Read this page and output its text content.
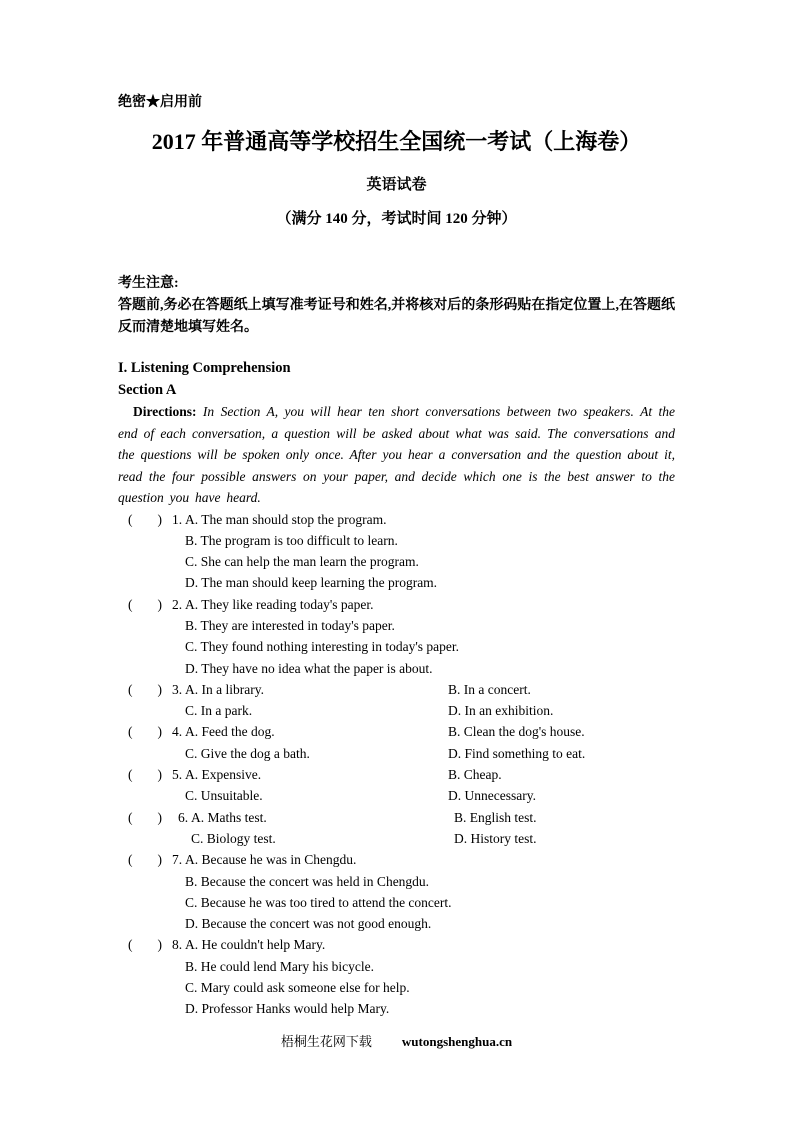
绝密★启用前
2017 年普通高等学校招生全国统一考试（上海卷）
英语试卷
（满分 140 分，考试时间 120 分钟）
考生注意:
答题前,务必在答题纸上填写准考证号和姓名,并将核对后的条形码贴在指定位置上,在答题纸反而清楚地填写姓名。
I. Listening Comprehension
Section A

Directions: In Section A, you will hear ten short conversations between two speakers. At the end of each conversation, a question will be asked about what was said. The conversations and the questions will be spoken only once. After you hear a conversation and the question about it, read the four possible answers on your paper, and decide which one is the best answer to the question you have heard.

( ) 1. A. The man should stop the program.
B. The program is too difficult to learn.
C. She can help the man learn the program.
D. The man should keep learning the program.
( ) 2. A. They like reading today's paper.
B. They are interested in today's paper.
C. They found nothing interesting in today's paper.
D. They have no idea what the paper is about.
( ) 3. A. In a library.	B. In a concert.
C. In a park.	D. In an exhibition.
( ) 4. A. Feed the dog.	B. Clean the dog's house.
C. Give the dog a bath.	D. Find something to eat.
( ) 5. A. Expensive.	B. Cheap.
C. Unsuitable.	D. Unnecessary.
( ) 6. A. Maths test.	B. English test.
C. Biology test.	D. History test.
( ) 7. A. Because he was in Chengdu.
B. Because the concert was held in Chengdu.
C. Because he was too tired to attend the concert.
D. Because the concert was not good enough.
( ) 8. A. He couldn't help Mary.
B. He could lend Mary his bicycle.
C. Mary could ask someone else for help.
D. Professor Hanks would help Mary.
梧桐生花网下载 wutongshenghua.cn
